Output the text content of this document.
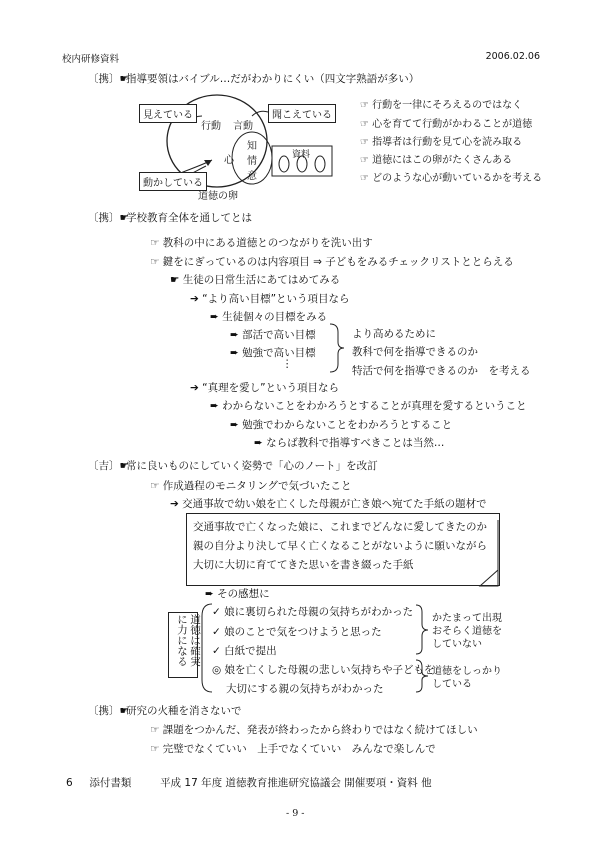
校内研修資料	2006.02.06
〔携〕☛指導要領はバイブル…だがわかりにくい（四文字熟語が多い）
見えている	聞こえている
行動 言動
心
知
情
意
動かしている
道徳の卵
資料
☞ 行動を一律にそろえるのではなく
☞ 心を育てて行動がかわることが道徳
☞ 指導者は行動を見て心を読み取る
☞ 道徳にはこの卵がたくさんある
☞ どのような心が動いているかを考える
〔携〕☛学校教育全体を通してとは
☞ 教科の中にある道徳とのつながりを洗い出す
☞ 鍵をにぎっているのは内容項目 ⇒ 子どもをみるチェックリストととらえる
☛ 生徒の日常生活にあてはめてみる
➔ “より高い目標”という項目なら
➨ 生徒個々の目標をみる
➨ 部活で高い目標
➨ 勉強で高い目標
⋮
より高めるために
教科で何を指導できるのか
特活で何を指導できるのか　を考える
➔ “真理を愛し”という項目なら
➨ わからないことをわかろうとすることが真理を愛するということ
➨ 勉強でわからないことをわかろうとすること
➨ ならば教科で指導すべきことは当然…
〔吉〕☛常に良いものにしていく姿勢で「心のノート」を改訂
☞ 作成過程のモニタリングで気づいたこと
➔ 交通事故で幼い娘を亡くした母親が亡き娘へ宛てた手紙の題材で
交通事故で亡くなった娘に、これまでどんなに愛してきたのか
親の自分より決して早く亡くなることがないように願いながら
大切に大切に育ててきた思いを書き綴った手紙
➨ その感想に
道徳は確実に力になる
✓ 娘に裏切られた母親の気持ちがわかった
✓ 娘のことで気をつけようと思った
✓ 白紙で提出
◎ 娘を亡くした母親の悲しい気持ちや子どもを
大切にする親の気持ちがわかった
かたまって出現
おそらく道徳を
していない
道徳をしっかり
している
〔携〕☛研究の火種を消さないで
☞ 課題をつかんだ、発表が終わったから終わりではなく続けてほしい
☞ 完璧でなくていい　上手でなくていい　みんなで楽しんで
6 添付書類	平成 17 年度 道徳教育推進研究協議会 開催要項・資料 他
- 9 -
